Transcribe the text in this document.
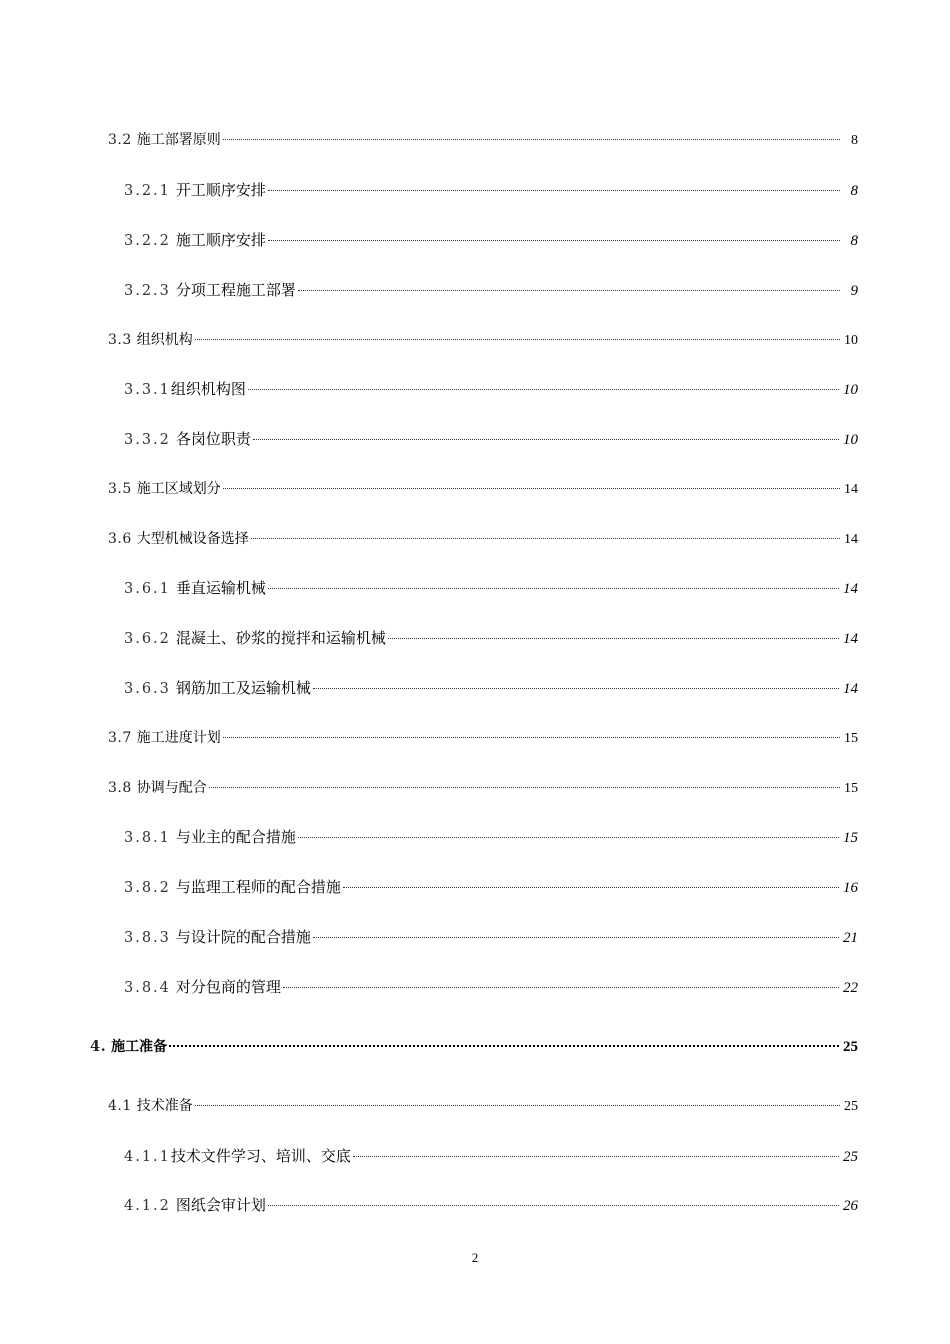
3.2 施工部署原则	8
3.2.1 开工顺序安排	8
3.2.2 施工顺序安排	8
3.2.3 分项工程施工部署	9
3.3 组织机构	10
3.3.1 组织机构图	10
3.3.2 各岗位职责	10
3.5 施工区域划分	14
3.6 大型机械设备选择	14
3.6.1 垂直运输机械	14
3.6.2 混凝土、砂浆的搅拌和运输机械	14
3.6.3 钢筋加工及运输机械	14
3.7 施工进度计划	15
3.8 协调与配合	15
3.8.1 与业主的配合措施	15
3.8.2 与监理工程师的配合措施	16
3.8.3 与设计院的配合措施	21
3.8.4 对分包商的管理	22
4. 施工准备	25
4.1 技术准备	25
4.1.1 技术文件学习、培训、交底	25
4.1.2 图纸会审计划	26
2
